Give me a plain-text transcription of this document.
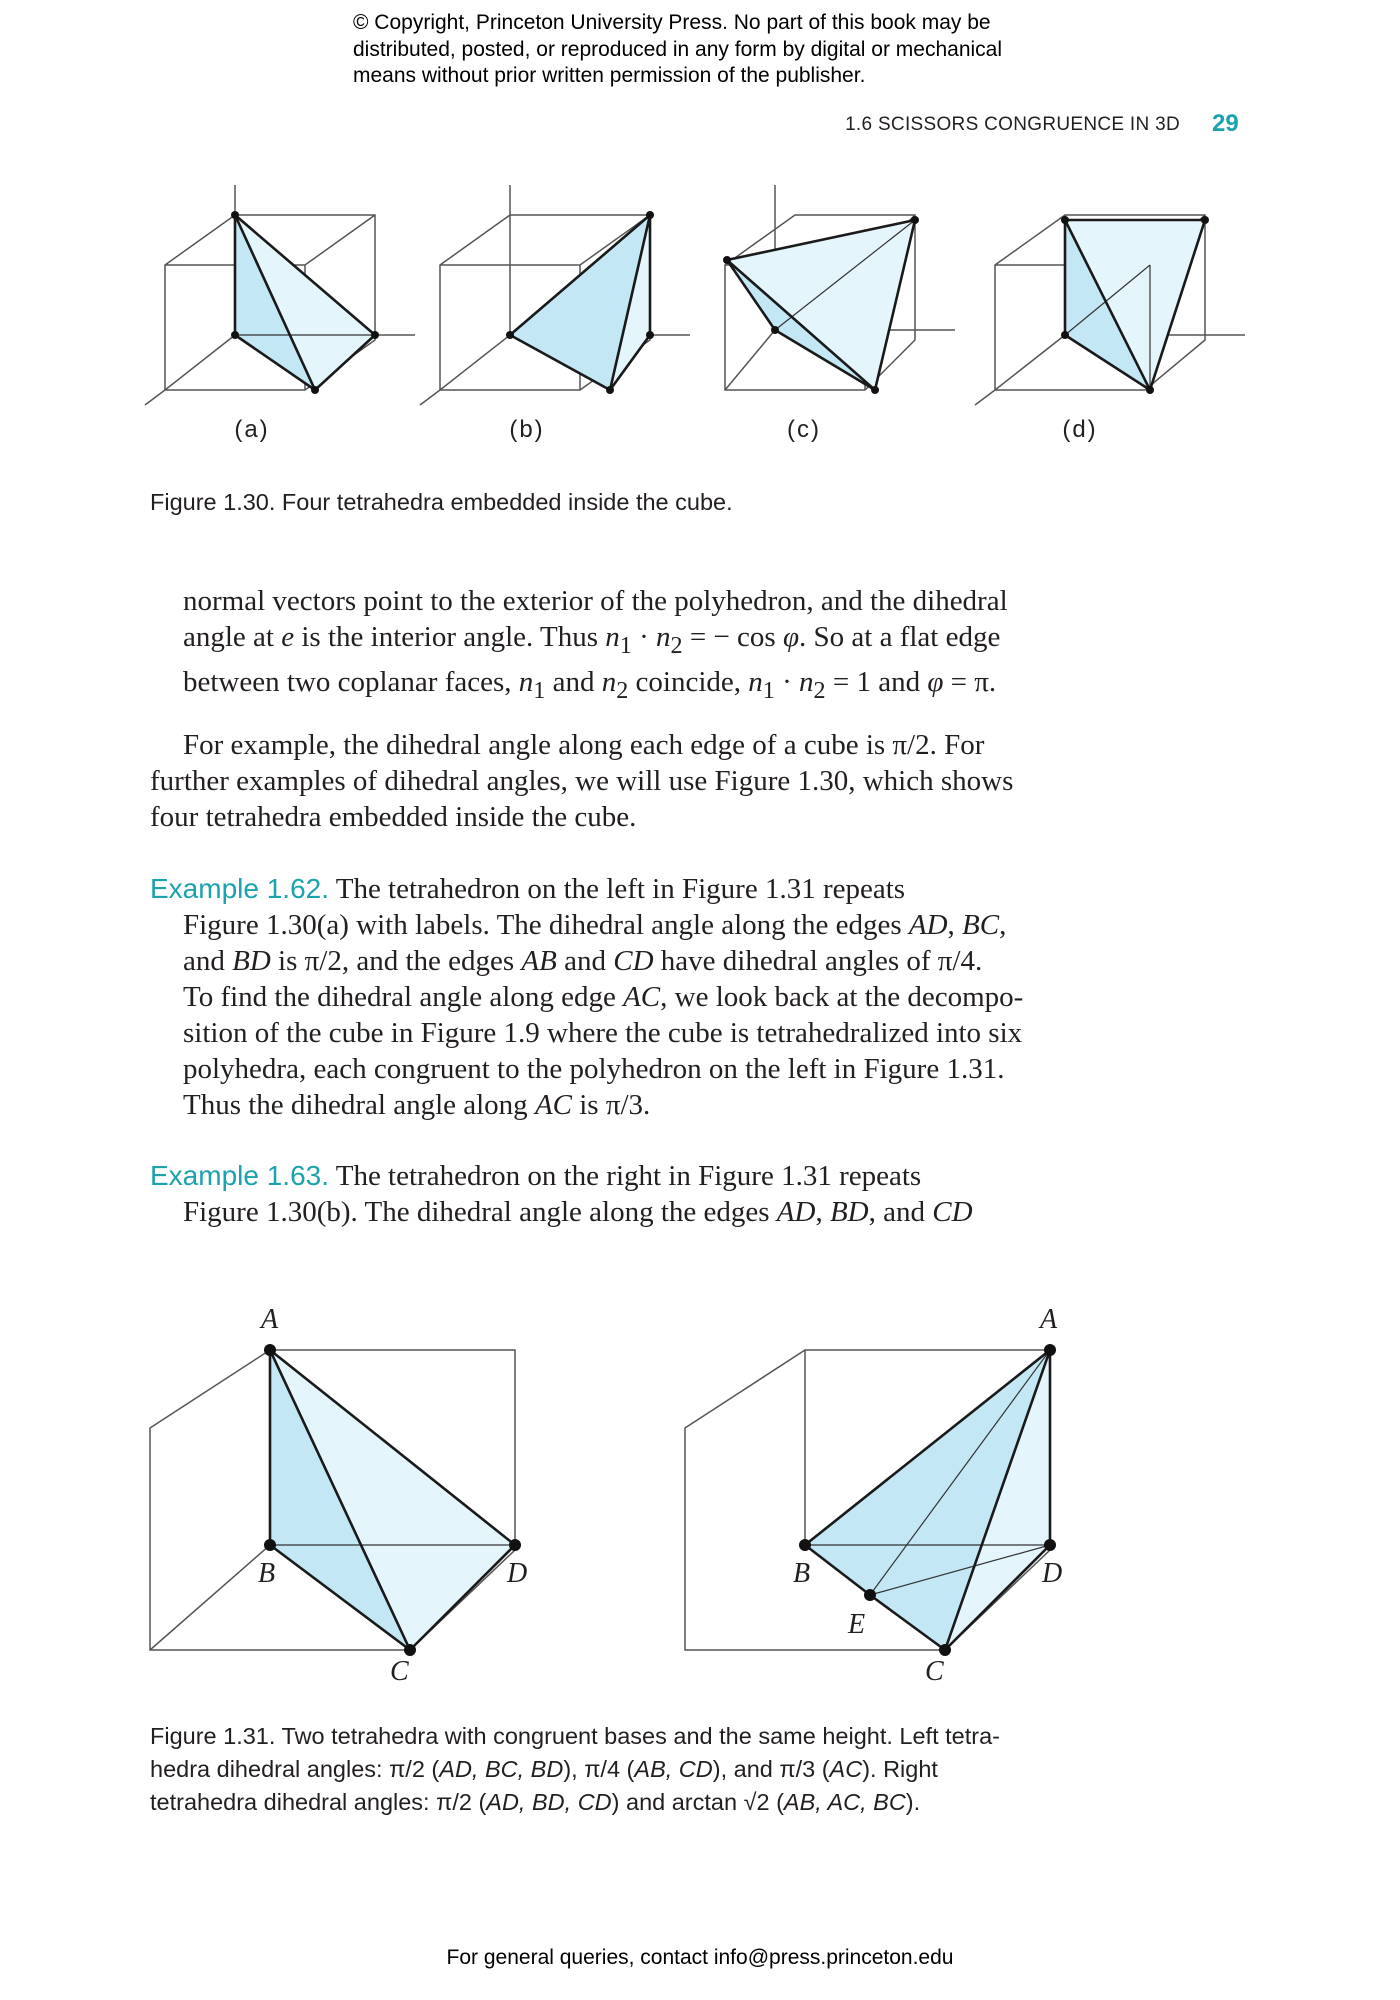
© Copyright, Princeton University Press. No part of this book may be
distributed, posted, or reproduced in any form by digital or mechanical
means without prior written permission of the publisher.
1.6 SCISSORS CONGRUENCE IN 3D 29
(a)	(b)	(c)	(d)
Figure 1.30. Four tetrahedra embedded inside the cube.
normal vectors point to the exterior of the polyhedron, and the dihedral
angle at e is the interior angle. Thus $n_1 \cdot n_2$ = − cos φ. So at a flat edge
between two coplanar faces, $n_1$ and $n_2$ coincide, $n_1 \cdot n_2 = 1$ and φ = π.
For example, the dihedral angle along each edge of a cube is π/2. For
further examples of dihedral angles, we will use Figure 1.30, which shows
four tetrahedra embedded inside the cube.
Example 1.62. The tetrahedron on the left in Figure 1.31 repeats
Figure 1.30(a) with labels. The dihedral angle along the edges AD, BC,
and BD is π/2, and the edges AB and CD have dihedral angles of π/4.
To find the dihedral angle along edge AC, we look back at the decompo-
sition of the cube in Figure 1.9 where the cube is tetrahedralized into six
polyhedra, each congruent to the polyhedron on the left in Figure 1.31.
Thus the dihedral angle along AC is π/3.
Example 1.63. The tetrahedron on the right in Figure 1.31 repeats
Figure 1.30(b). The dihedral angle along the edges AD, BD, and CD
A
B
C
D
A
B
E
C
D
Figure 1.31. Two tetrahedra with congruent bases and the same height. Left tetra-
hedra dihedral angles: π/2 (AD, BC, BD), π/4 (AB, CD), and π/3 (AC). Right
tetrahedra dihedral angles: π/2 (AD, BD, CD) and arctan √2 (AB, AC, BC).
For general queries, contact info@press.princeton.edu
